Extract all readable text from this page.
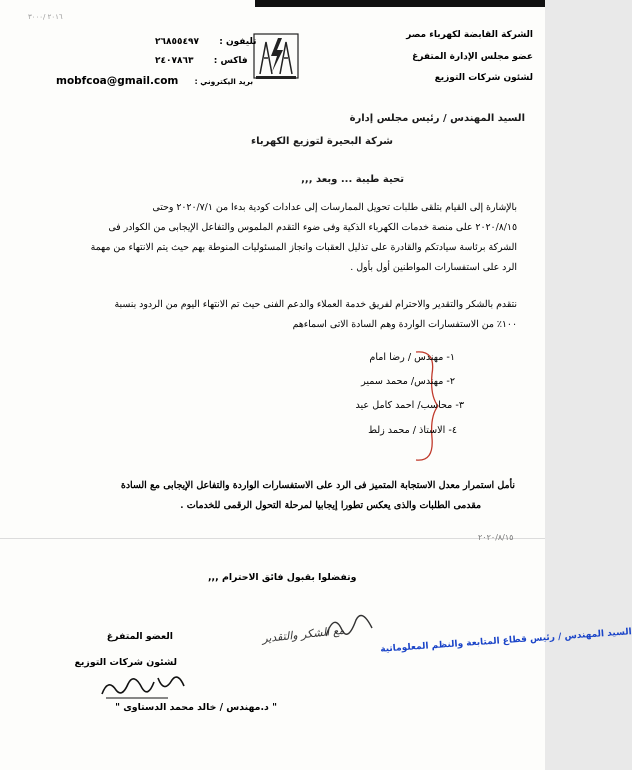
٢٠١٦ /٣٠٠٠
الشركة القابضة لكهرباء مصر
عضو مجلس الإدارة المتفرغ
لشئون شركات التوزيع
تليفون :  ٢٦٨٥٥٤٩٧
فاكس :  ٢٤٠٧٨٦٣
mobfcoa@gmail.com بريد اليكتروني :
السيد المهندس / رئيس مجلس إدارة
شركة البحيرة لتوزيع الكهرباء
تحية طيبة ... وبعد ,,,
بالإشارة إلى القيام بتلقى طلبات تحويل الممارسات إلى عدادات كودية بدءا من ٢٠٢٠/٧/١ وحتى
٢٠٢٠/٨/١٥ على منصة خدمات الكهرباء الذكية وفى ضوء التقدم الملموس والتفاعل الإيجابى من الكوادر فى
الشركة برئاسة سيادتكم والقادرة على تذليل العقبات وانجاز المسئوليات المنوطة بهم حيث يتم الانتهاء من مهمة
الرد على استفسارات المواطنين أول بأول .
نتقدم بالشكر والتقدير والاحترام لفريق خدمة العملاء والدعم الفنى حيث تم الانتهاء اليوم من الردود بنسبة
١٠٠٪ من الاستفسارات الواردة وهم السادة الاتى اسماءهم
١- مهندس / رضا امام
٢- مهندس/ محمد سمير
٣- محاسب/ احمد كامل عيد
٤- الاستاذ / محمد زلط
نأمل استمرار معدل الاستجابة المتميز فى الرد على الاستفسارات الواردة والتفاعل الإيجابى مع السادة
مقدمى الطلبات والذى يعكس تطورا إيجابيا لمرحلة التحول الرقمى للخدمات .
٢٠٢٠/٨/١٥
وتفضلوا بقبول فائق الاحترام ,,,
العضو المتفرغ
لشئون شركات التوزيع
" د.مهندس / خالد محمد الدستاوى "
السيد المهندس / رئيس قطاع المتابعة والنظم المعلوماتية
مع الشكر والتقدير
